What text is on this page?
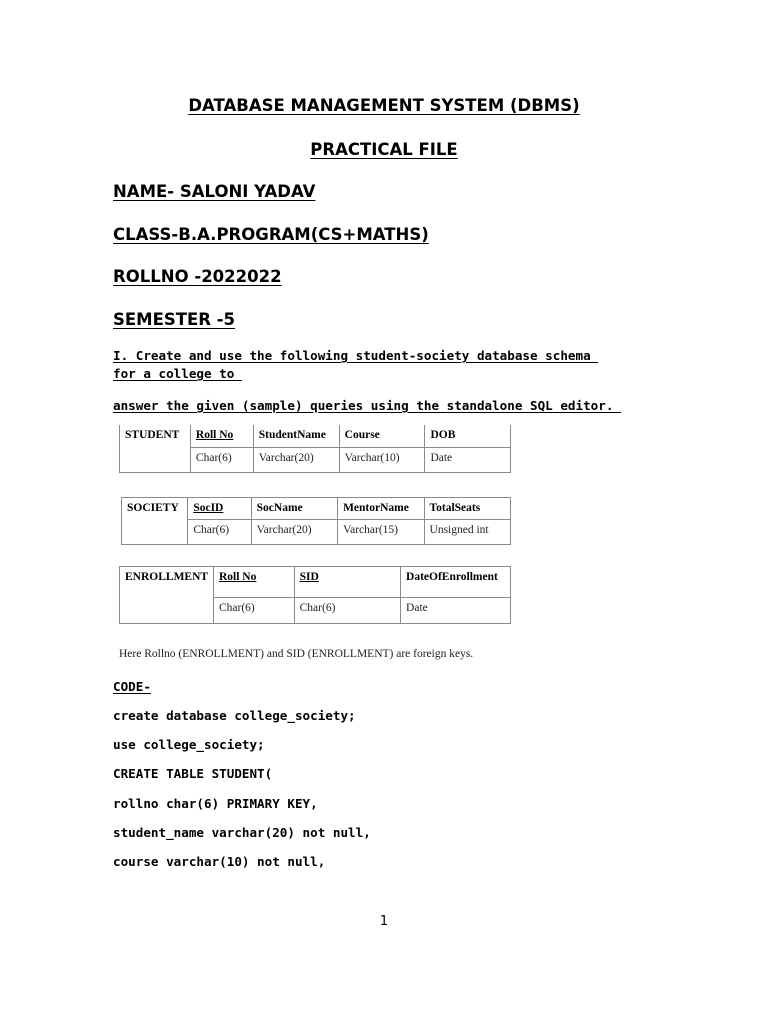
DATABASE MANAGEMENT SYSTEM (DBMS)
PRACTICAL FILE
NAME- SALONI YADAV
CLASS-B.A.PROGRAM(CS+MATHS)
ROLLNO -2022022
SEMESTER -5
I. Create and use the following student-society database schema
for a college to
answer the given (sample) queries using the standalone SQL editor.
STUDENT	Roll No	StudentName	Course	DOB
	Char(6)	Varchar(20)	Varchar(10)	Date
SOCIETY	SocID	SocName	MentorName	TotalSeats
	Char(6)	Varchar(20)	Varchar(15)	Unsigned int
ENROLLMENT	Roll No	SID	DateOfEnrollment
	Char(6)	Char(6)	Date
Here Rollno (ENROLLMENT) and SID (ENROLLMENT) are foreign keys.
CODE-
create database college_society;
use college_society;
CREATE TABLE STUDENT(
rollno char(6) PRIMARY KEY,
student_name varchar(20) not null,
course varchar(10) not null,
1
